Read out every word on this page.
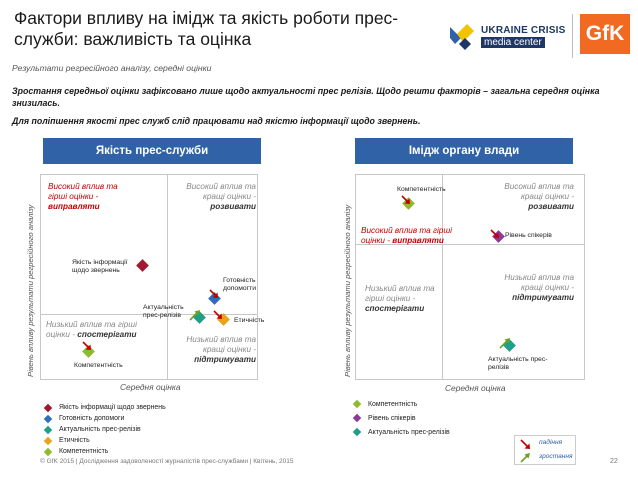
Фактори впливу на імідж та якість роботи прес-служби: важливість та оцінка
Результати регресійного аналізу, середні оцінки
Зростання середньої оцінки зафіксовано лише щодо актуальності прес релізів. Щодо решти факторів – загальна середня оцінка знизилась.
Для поліпшення якості прес служб слід працювати над якістю інформації щодо звернень.
UKRAINE CRISIS
media center GfK
Якість прес-служби
Високий вплив та
гірші оцінки -
виправляти
Високий вплив та
кращі оцінки -
розвивати
Низький вплив та гірші
оцінки - спостерігати
Низький вплив та
кращі оцінки -
підтримувати
Якість інформації щодо звернень
Готовність
допомогти
Актуальність
прес-релізів
Етичність
Компетентність
Середня оцінка
Рівень впливу результати регресійного аналізу
Якість інформації щодо звернень
Готовність допомоги
Актуальність прес-релізів
Етичність
Компетентність
Імідж органу влади
Компетентність
Високий вплив та гірші
оцінки - виправляти
Високий вплив та
кращі оцінки -
розвивати
Рівень спікерів
Низький вплив та
гірші оцінки -
спостерігати
Низький вплив та
кращі оцінки -
підтримувати
Актуальність прес-
релізів
Середня оцінка
Рівень впливу результати регресійного аналізу
Компетентність
Рівень спікерів
Актуальність прес-релізів
падіння
зростання
© GfK 2015 | Дослідження задоволеності журналістів прес-службами | Квітень, 2015	22
